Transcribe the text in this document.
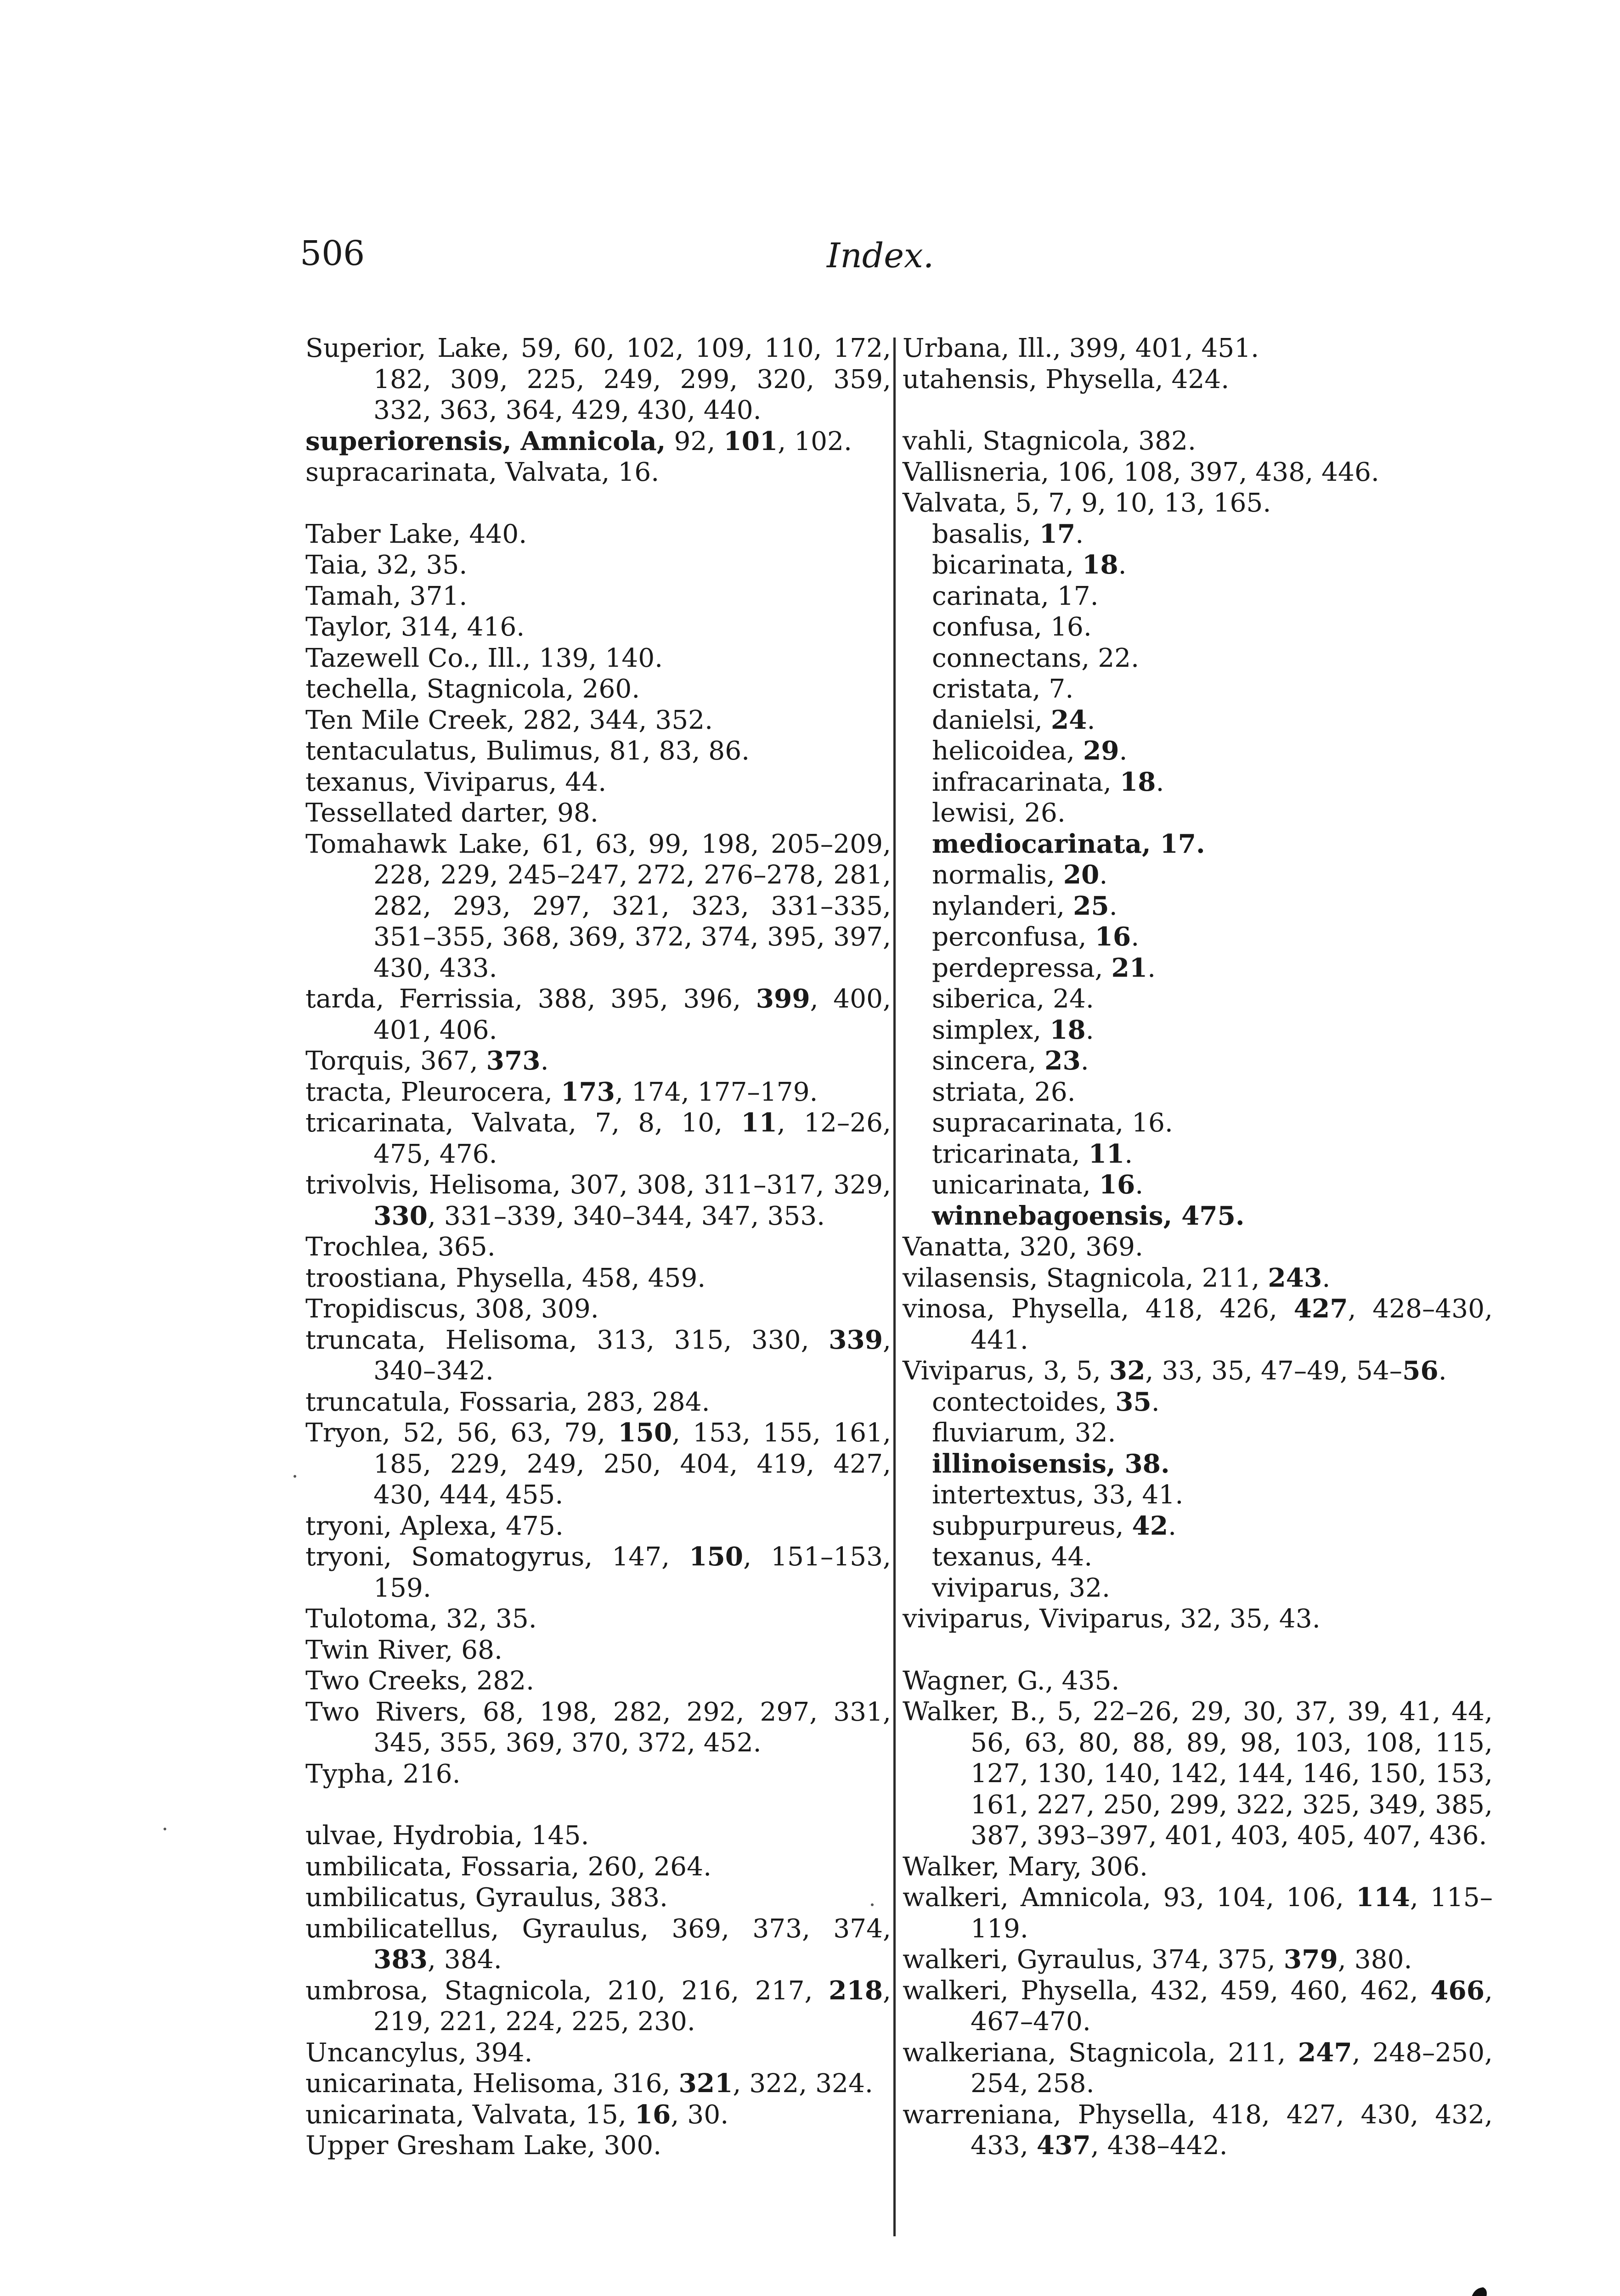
506	Index.
Superior, Lake, 59, 60, 102, 109, 110, 172, 182, 309, 225, 249, 299, 320, 359, 332, 363, 364, 429, 430, 440.
superiorensis, Amnicola, 92, 101, 102.
supracarinata, Valvata, 16.
Taber Lake, 440.
Taia, 32, 35.
Tamah, 371.
Taylor, 314, 416.
Tazewell Co., Ill., 139, 140.
techella, Stagnicola, 260.
Ten Mile Creek, 282, 344, 352.
tentaculatus, Bulimus, 81, 83, 86.
texanus, Viviparus, 44.
Tessellated darter, 98.
Tomahawk Lake, 61, 63, 99, 198, 205–209, 228, 229, 245–247, 272, 276–278, 281, 282, 293, 297, 321, 323, 331–335, 351–355, 368, 369, 372, 374, 395, 397, 430, 433.
tarda, Ferrissia, 388, 395, 396, 399, 400, 401, 406.
Torquis, 367, 373.
tracta, Pleurocera, 173, 174, 177–179.
tricarinata, Valvata, 7, 8, 10, 11, 12–26, 475, 476.
trivolvis, Helisoma, 307, 308, 311–317, 329, 330, 331–339, 340–344, 347, 353.
Trochlea, 365.
troostiana, Physella, 458, 459.
Tropidiscus, 308, 309.
truncata, Helisoma, 313, 315, 330, 339, 340–342.
truncatula, Fossaria, 283, 284.
Tryon, 52, 56, 63, 79, 150, 153, 155, 161, 185, 229, 249, 250, 404, 419, 427, 430, 444, 455.
tryoni, Aplexa, 475.
tryoni, Somatogyrus, 147, 150, 151–153, 159.
Tulotoma, 32, 35.
Twin River, 68.
Two Creeks, 282.
Two Rivers, 68, 198, 282, 292, 297, 331, 345, 355, 369, 370, 372, 452.
Typha, 216.
ulvae, Hydrobia, 145.
umbilicata, Fossaria, 260, 264.
umbilicatus, Gyraulus, 383.
umbilicatellus, Gyraulus, 369, 373, 374, 383, 384.
umbrosa, Stagnicola, 210, 216, 217, 218, 219, 221, 224, 225, 230.
Uncancylus, 394.
unicarinata, Helisoma, 316, 321, 322, 324.
unicarinata, Valvata, 15, 16, 30.
Upper Gresham Lake, 300.
Urbana, Ill., 399, 401, 451.
utahensis, Physella, 424.
vahli, Stagnicola, 382.
Vallisneria, 106, 108, 397, 438, 446.
Valvata, 5, 7, 9, 10, 13, 165.
basalis, 17.
bicarinata, 18.
carinata, 17.
confusa, 16.
connectans, 22.
cristata, 7.
danielsi, 24.
helicoidea, 29.
infracarinata, 18.
lewisi, 26.
mediocarinata, 17.
normalis, 20.
nylanderi, 25.
perconfusa, 16.
perdepressa, 21.
siberica, 24.
simplex, 18.
sincera, 23.
striata, 26.
supracarinata, 16.
tricarinata, 11.
unicarinata, 16.
winnebagoensis, 475.
Vanatta, 320, 369.
vilasensis, Stagnicola, 211, 243.
vinosa, Physella, 418, 426, 427, 428–430, 441.
Viviparus, 3, 5, 32, 33, 35, 47–49, 54–56.
contectoides, 35.
fluviarum, 32.
illinoisensis, 38.
intertextus, 33, 41.
subpurpureus, 42.
texanus, 44.
viviparus, 32.
viviparus, Viviparus, 32, 35, 43.
Wagner, G., 435.
Walker, B., 5, 22–26, 29, 30, 37, 39, 41, 44, 56, 63, 80, 88, 89, 98, 103, 108, 115, 127, 130, 140, 142, 144, 146, 150, 153, 161, 227, 250, 299, 322, 325, 349, 385, 387, 393–397, 401, 403, 405, 407, 436.
Walker, Mary, 306.
walkeri, Amnicola, 93, 104, 106, 114, 115–119.
walkeri, Gyraulus, 374, 375, 379, 380.
walkeri, Physella, 432, 459, 460, 462, 466, 467–470.
walkeriana, Stagnicola, 211, 247, 248–250, 254, 258.
warreniana, Physella, 418, 427, 430, 432, 433, 437, 438–442.
